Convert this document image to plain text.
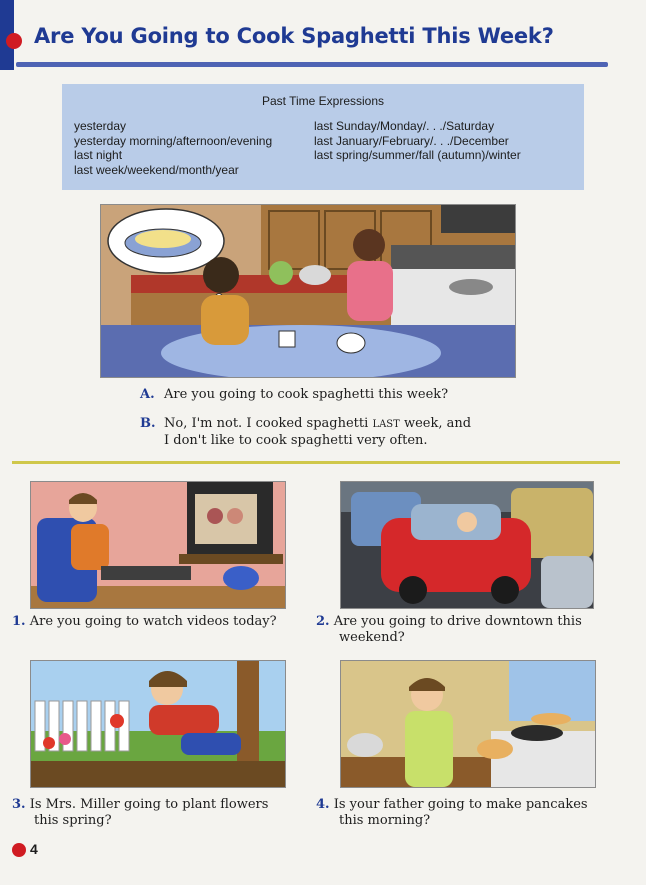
Are You Going to Cook Spaghetti This Week?
Past Time Expressions
yesterday
yesterday morning/afternoon/evening
last night
last week/weekend/month/year
last Sunday/Monday/. . ./Saturday
last January/February/. . ./December
last spring/summer/fall (autumn)/winter
A. Are you going to cook spaghetti this week?
B. No, I'm not. I cooked spaghetti LAST week, and
I don't like to cook spaghetti very often.
1. Are you going to watch videos today?	2. Are you going to drive downtown this
weekend?
3. Is Mrs. Miller going to plant flowers
this spring?
4. Is your father going to make pancakes
this morning?
4
